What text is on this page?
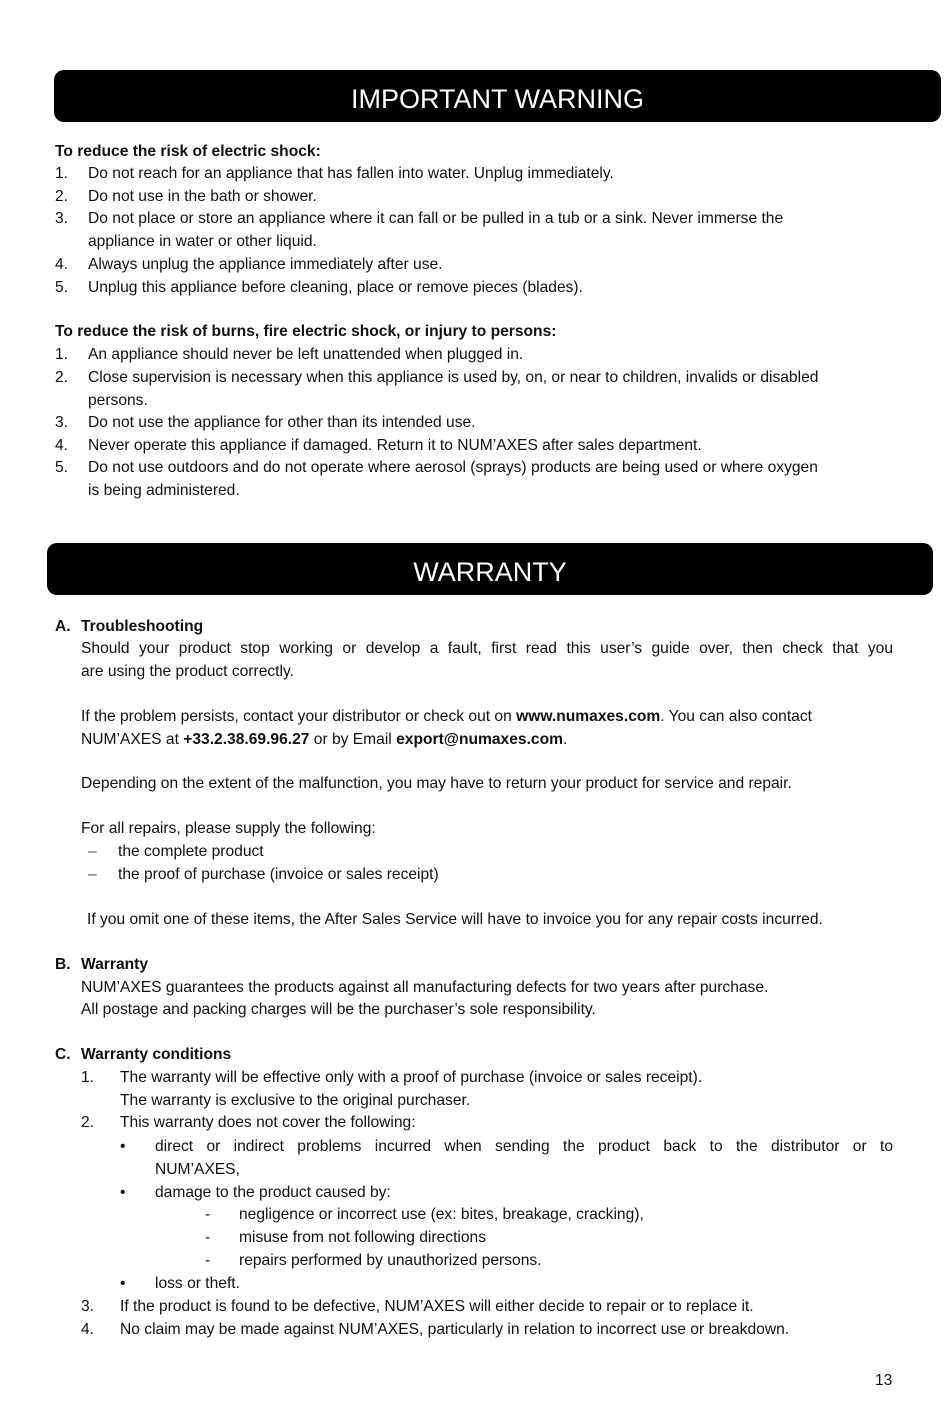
IMPORTANT WARNING
To reduce the risk of electric shock:
1. Do not reach for an appliance that has fallen into water. Unplug immediately.
2. Do not use in the bath or shower.
3. Do not place or store an appliance where it can fall or be pulled in a tub or a sink. Never immerse the
appliance in water or other liquid.
4. Always unplug the appliance immediately after use.
5. Unplug this appliance before cleaning, place or remove pieces (blades).
To reduce the risk of burns, fire electric shock, or injury to persons:
1. An appliance should never be left unattended when plugged in.
2. Close supervision is necessary when this appliance is used by, on, or near to children, invalids or disabled
persons.
3. Do not use the appliance for other than its intended use.
4. Never operate this appliance if damaged. Return it to NUM’AXES after sales department.
5. Do not use outdoors and do not operate where aerosol (sprays) products are being used or where oxygen
is being administered.
WARRANTY
A. Troubleshooting
Should your product stop working or develop a fault, first read this user’s guide over, then check that you
are using the product correctly.
If the problem persists, contact your distributor or check out on www.numaxes.com. You can also contact
NUM’AXES at +33.2.38.69.96.27 or by Email export@numaxes.com.
Depending on the extent of the malfunction, you may have to return your product for service and repair.
For all repairs, please supply the following:
– the complete product
– the proof of purchase (invoice or sales receipt)
If you omit one of these items, the After Sales Service will have to invoice you for any repair costs incurred.
B. Warranty
NUM’AXES guarantees the products against all manufacturing defects for two years after purchase.
All postage and packing charges will be the purchaser’s sole responsibility.
C. Warranty conditions
1. The warranty will be effective only with a proof of purchase (invoice or sales receipt).
The warranty is exclusive to the original purchaser.
2. This warranty does not cover the following:
• direct or indirect problems incurred when sending the product back to the distributor or to
NUM’AXES,
• damage to the product caused by:
- negligence or incorrect use (ex: bites, breakage, cracking),
- misuse from not following directions
- repairs performed by unauthorized persons.
• loss or theft.
3. If the product is found to be defective, NUM’AXES will either decide to repair or to replace it.
4. No claim may be made against NUM’AXES, particularly in relation to incorrect use or breakdown.
13
